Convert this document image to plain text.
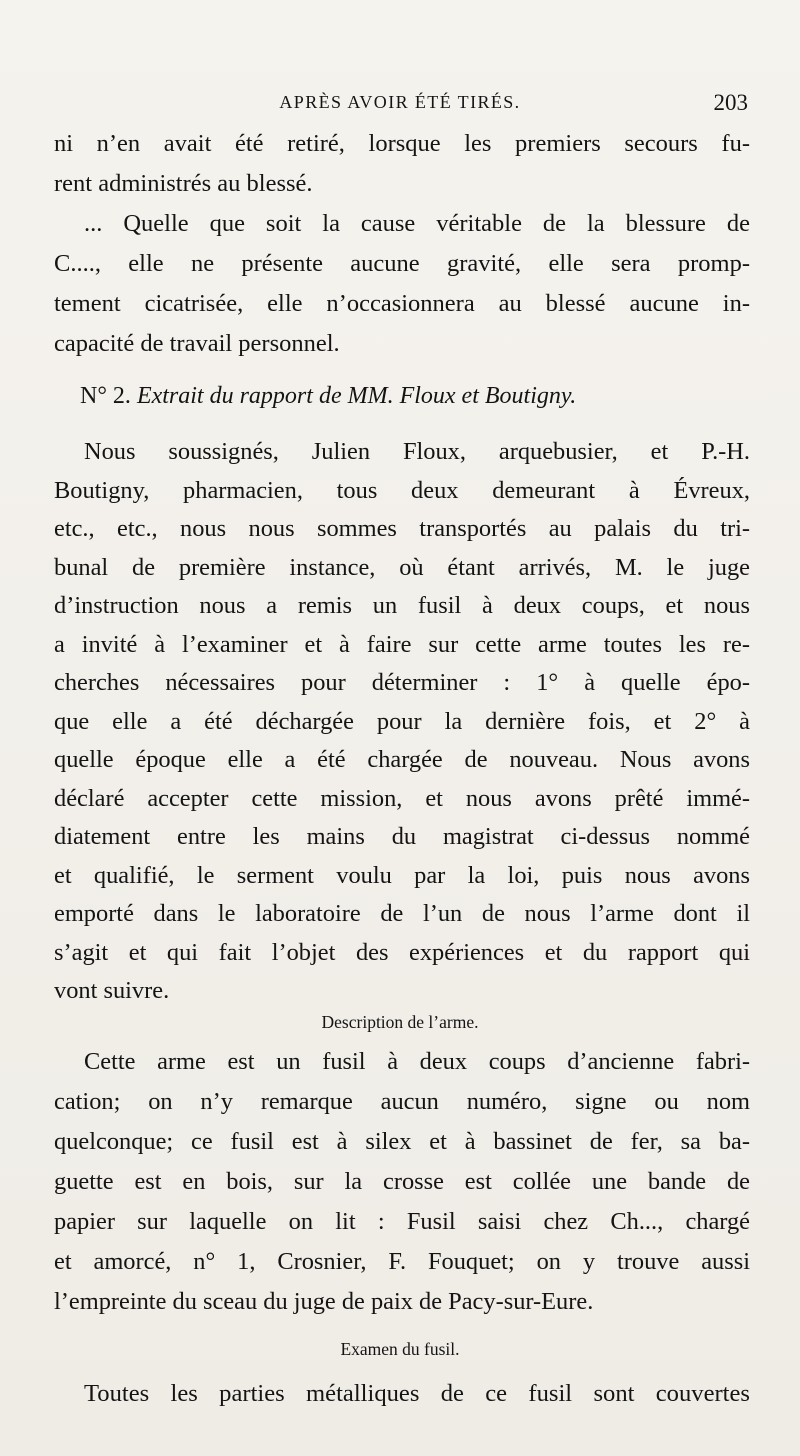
APRÈS AVOIR ÉTÉ TIRÉS.	203
ni n’en avait été retiré, lorsque les premiers secours fu-
rent administrés au blessé.
... Quelle que soit la cause véritable de la blessure de
C...., elle ne présente aucune gravité, elle sera promp-
tement cicatrisée, elle n’occasionnera au blessé aucune in-
capacité de travail personnel.
N° 2. Extrait du rapport de MM. Floux et Boutigny.
Nous soussignés, Julien Floux, arquebusier, et P.-H.
Boutigny, pharmacien, tous deux demeurant à Évreux,
etc., etc., nous nous sommes transportés au palais du tri-
bunal de première instance, où étant arrivés, M. le juge
d’instruction nous a remis un fusil à deux coups, et nous
a invité à l’examiner et à faire sur cette arme toutes les re-
cherches nécessaires pour déterminer : 1° à quelle épo-
que elle a été déchargée pour la dernière fois, et 2° à
quelle époque elle a été chargée de nouveau. Nous avons
déclaré accepter cette mission, et nous avons prêté immé-
diatement entre les mains du magistrat ci-dessus nommé
et qualifié, le serment voulu par la loi, puis nous avons
emporté dans le laboratoire de l’un de nous l’arme dont il
s’agit et qui fait l’objet des expériences et du rapport qui
vont suivre.
Description de l’arme.
Cette arme est un fusil à deux coups d’ancienne fabri-
cation; on n’y remarque aucun numéro, signe ou nom
quelconque; ce fusil est à silex et à bassinet de fer, sa ba-
guette est en bois, sur la crosse est collée une bande de
papier sur laquelle on lit : Fusil saisi chez Ch..., chargé
et amorcé, n° 1, Crosnier, F. Fouquet; on y trouve aussi
l’empreinte du sceau du juge de paix de Pacy-sur-Eure.
Examen du fusil.
Toutes les parties métalliques de ce fusil sont couvertes
